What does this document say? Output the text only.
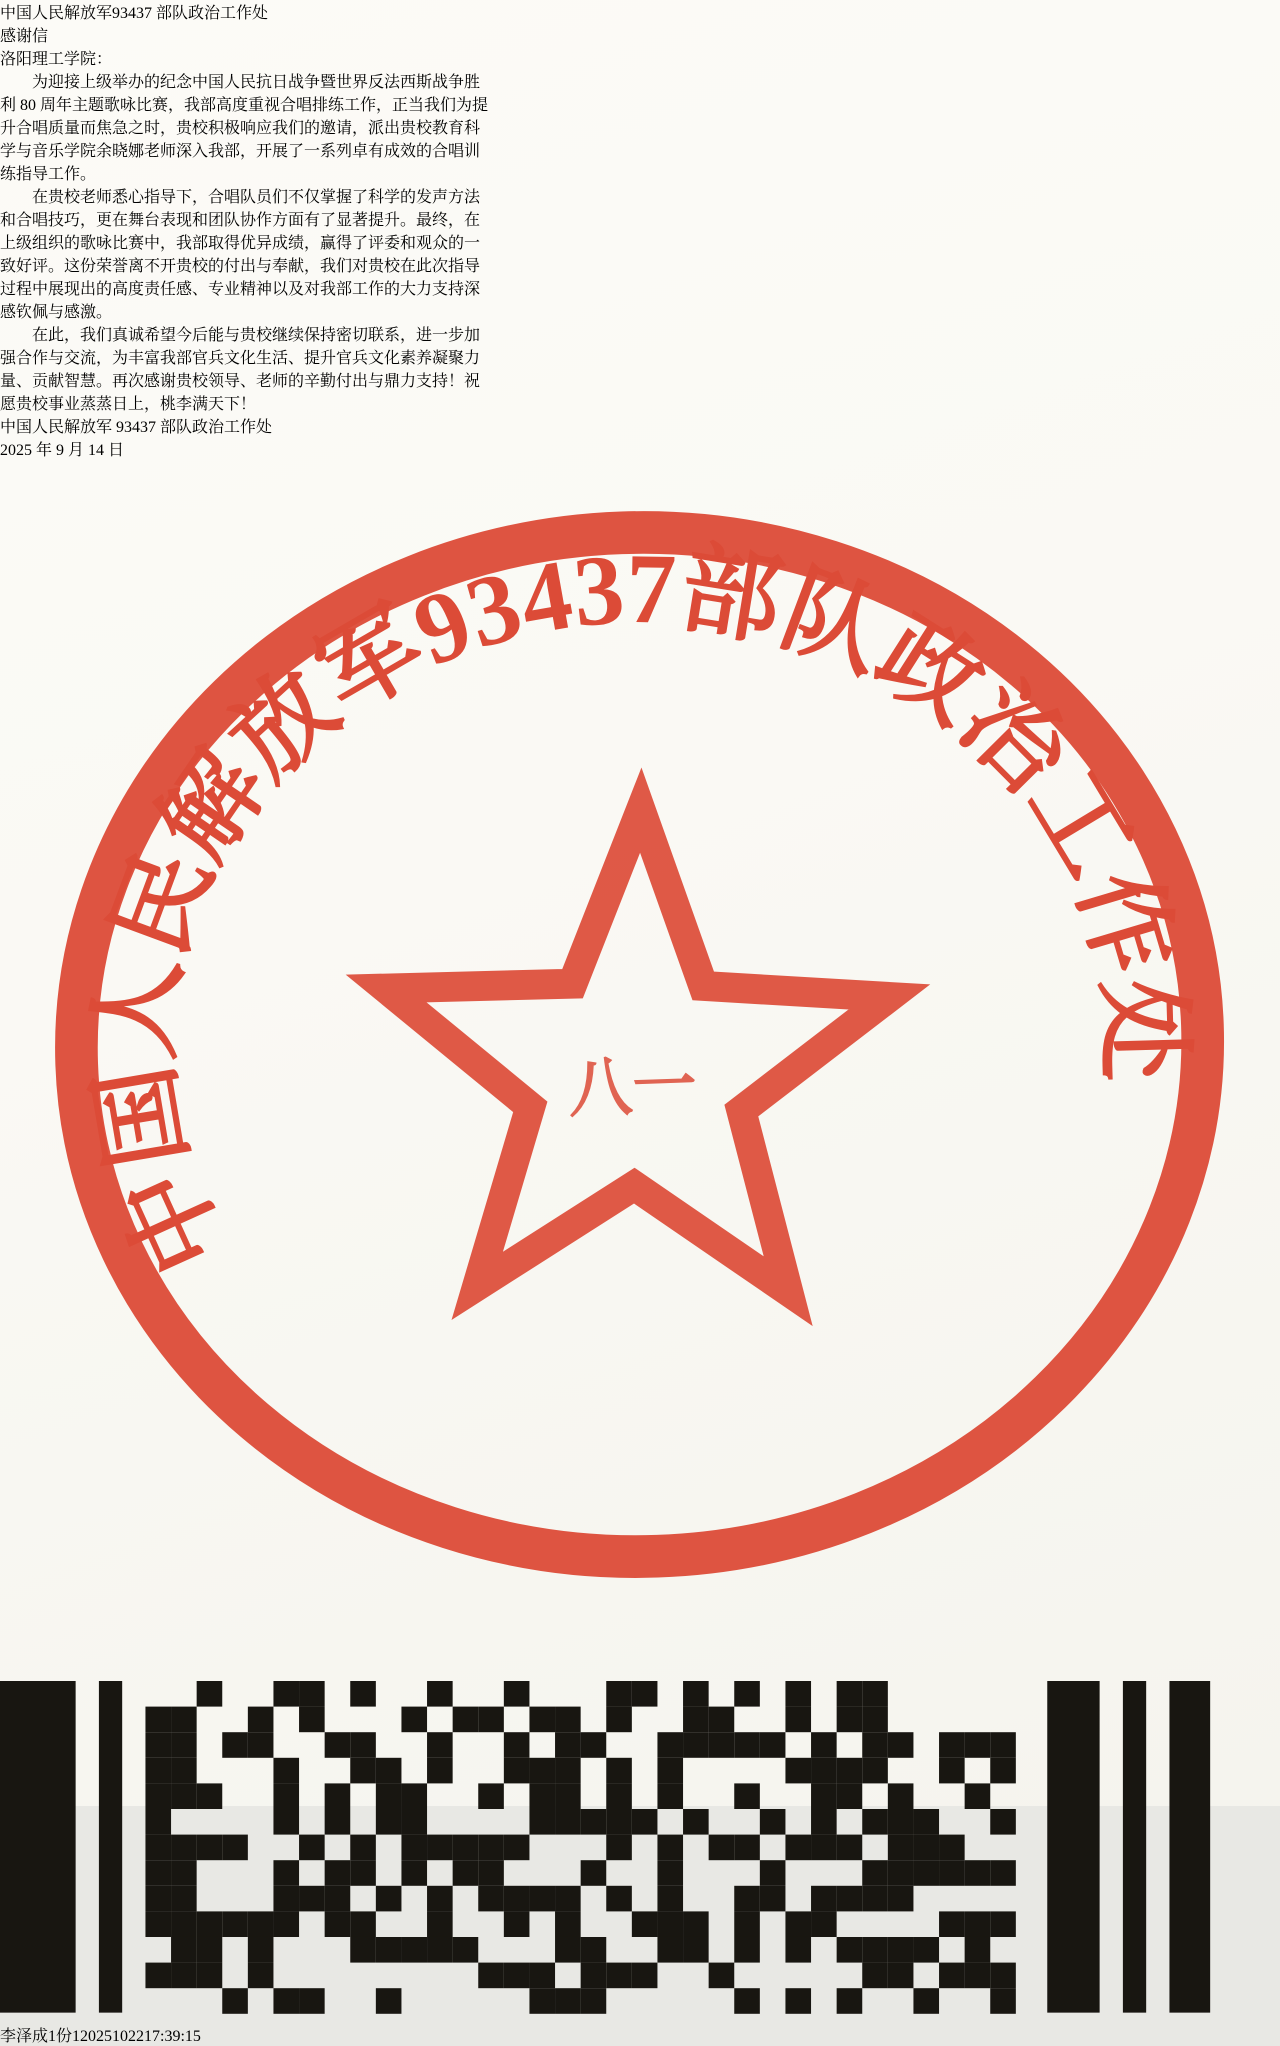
中国人民解放军93437 部队政治工作处
感谢信
洛阳理工学院：
　　为迎接上级举办的纪念中国人民抗日战争暨世界反法西斯战争胜
利 80 周年主题歌咏比赛，我部高度重视合唱排练工作，正当我们为提
升合唱质量而焦急之时，贵校积极响应我们的邀请，派出贵校教育科
学与音乐学院余晓娜老师深入我部，开展了一系列卓有成效的合唱训
练指导工作。
　　在贵校老师悉心指导下，合唱队员们不仅掌握了科学的发声方法
和合唱技巧，更在舞台表现和团队协作方面有了显著提升。最终，在
上级组织的歌咏比赛中，我部取得优异成绩，赢得了评委和观众的一
致好评。这份荣誉离不开贵校的付出与奉献，我们对贵校在此次指导
过程中展现出的高度责任感、专业精神以及对我部工作的大力支持深
感钦佩与感激。
　　在此，我们真诚希望今后能与贵校继续保持密切联系，进一步加
强合作与交流，为丰富我部官兵文化生活、提升官兵文化素养凝聚力
量、贡献智慧。再次感谢贵校领导、老师的辛勤付出与鼎力支持！祝
愿贵校事业蒸蒸日上，桃李满天下！
中国人民解放军 93437 部队政治工作处
2025 年 9 月 14 日
中国人民解放军93437部队政治工作处
八一
李泽成1份12025102217:39:15
